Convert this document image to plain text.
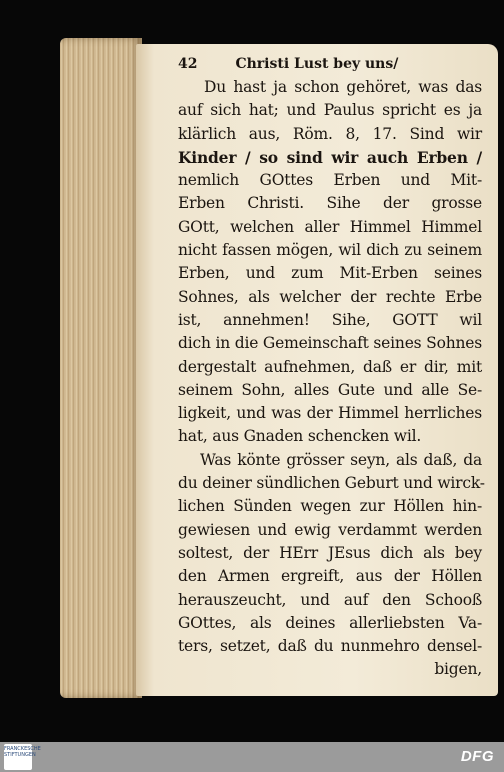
42	Christi Lust bey uns/
Du hast ja schon gehöret, was das
auf sich hat; und Paulus spricht es ja
klärlich aus, Röm. 8, 17. Sind wir
Kinder / so sind wir auch Erben /
nemlich GOttes Erben und Mit-
Erben Christi. Sihe der grosse
GOtt, welchen aller Himmel Himmel
nicht fassen mögen, wil dich zu seinem
Erben, und zum Mit-Erben seines
Sohnes, als welcher der rechte Erbe
ist, annehmen! Sihe, GOTT wil
dich in die Gemeinschaft seines Sohnes
dergestalt aufnehmen, daß er dir, mit
seinem Sohn, alles Gute und alle Se-
ligkeit, und was der Himmel herrliches
hat, aus Gnaden schencken wil.
Was könte grösser seyn, als daß, da
du deiner sündlichen Geburt und wirck-
lichen Sünden wegen zur Höllen hin-
gewiesen und ewig verdammt werden
soltest, der HErr JEsus dich als bey
den Armen ergreift, aus der Höllen
herauszeucht, und auf den Schooß
GOttes, als deines allerliebsten Va-
ters, setzet, daß du nunmehro densel-
bigen,
FRANCKESCHE STIFTUNGEN	DFG
